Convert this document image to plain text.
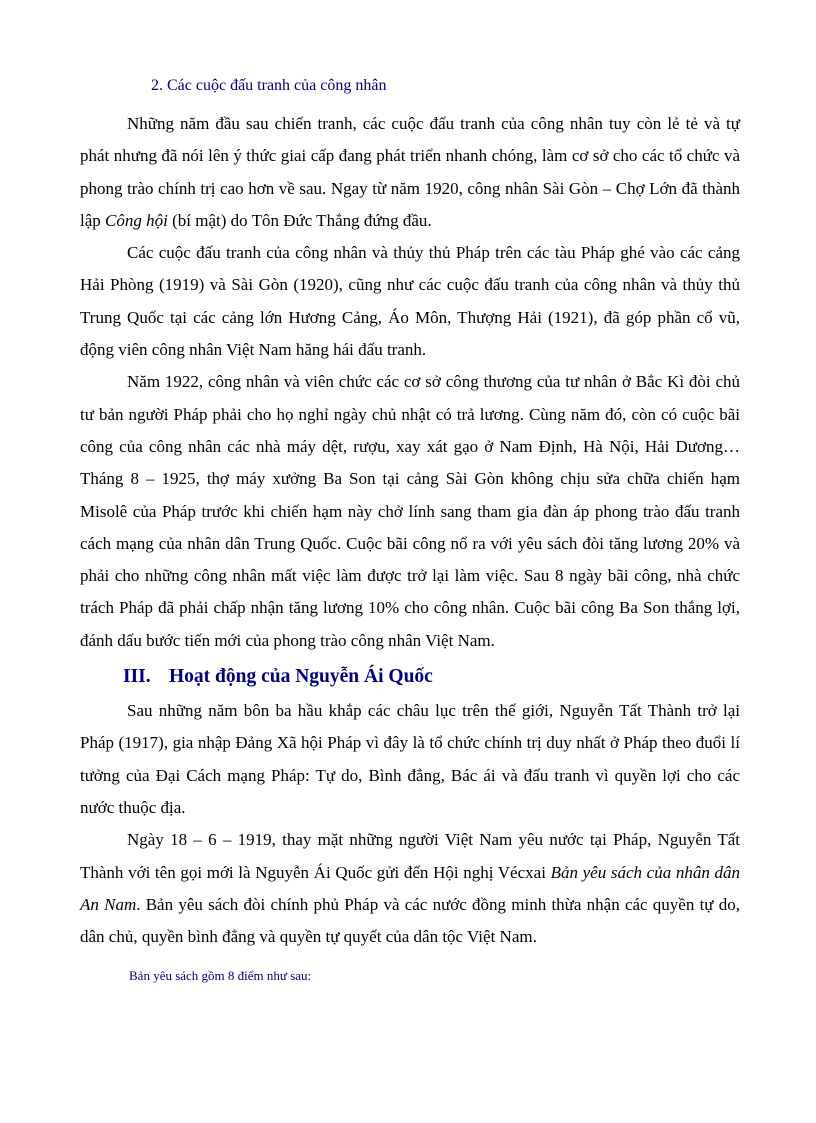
2. Các cuộc đấu tranh của công nhân

Những năm đầu sau chiến tranh, các cuộc đấu tranh của công nhân tuy còn lẻ tẻ và tự phát nhưng đã nói lên ý thức giai cấp đang phát triển nhanh chóng, làm cơ sở cho các tổ chức và phong trào chính trị cao hơn về sau. Ngay từ năm 1920, công nhân Sài Gòn – Chợ Lớn đã thành lập Công hội (bí mật) do Tôn Đức Thắng đứng đầu.

Các cuộc đấu tranh của công nhân và thủy thủ Pháp trên các tàu Pháp ghé vào các cảng Hải Phòng (1919) và Sài Gòn (1920), cũng như các cuộc đấu tranh của công nhân và thủy thủ Trung Quốc tại các cảng lớn Hương Cảng, Áo Môn, Thượng Hải (1921), đã góp phần cổ vũ, động viên công nhân Việt Nam hăng hái đấu tranh.

Năm 1922, công nhân và viên chức các cơ sở công thương của tư nhân ở Bắc Kì đòi chủ tư bản người Pháp phải cho họ nghỉ ngày chủ nhật có trả lương. Cùng năm đó, còn có cuộc bãi công của công nhân các nhà máy dệt, rượu, xay xát gạo ở Nam Định, Hà Nội, Hải Dương… Tháng 8 – 1925, thợ máy xưởng Ba Son tại cảng Sài Gòn không chịu sửa chữa chiến hạm Misolê của Pháp trước khi chiến hạm này chở lính sang tham gia đàn áp phong trào đấu tranh cách mạng của nhân dân Trung Quốc. Cuộc bãi công nổ ra với yêu sách đòi tăng lương 20% và phải cho những công nhân mất việc làm được trở lại làm việc. Sau 8 ngày bãi công, nhà chức trách Pháp đã phải chấp nhận tăng lương 10% cho công nhân. Cuộc bãi công Ba Son thắng lợi, đánh dấu bước tiến mới của phong trào công nhân Việt Nam.

III. Hoạt động của Nguyễn Ái Quốc

Sau những năm bôn ba hầu khắp các châu lục trên thế giới, Nguyễn Tất Thành trở lại Pháp (1917), gia nhập Đảng Xã hội Pháp vì đây là tổ chức chính trị duy nhất ở Pháp theo đuổi lí tưởng của Đại Cách mạng Pháp: Tự do, Bình đẳng, Bác ái và đấu tranh vì quyền lợi cho các nước thuộc địa.

Ngày 18 – 6 – 1919, thay mặt những người Việt Nam yêu nước tại Pháp, Nguyễn Tất Thành với tên gọi mới là Nguyễn Ái Quốc gửi đến Hội nghị Vécxai Bản yêu sách của nhân dân An Nam. Bản yêu sách đòi chính phủ Pháp và các nước đồng minh thừa nhận các quyền tự do, dân chủ, quyền bình đẳng và quyền tự quyết của dân tộc Việt Nam.

Bản yêu sách gồm 8 điểm như sau:
